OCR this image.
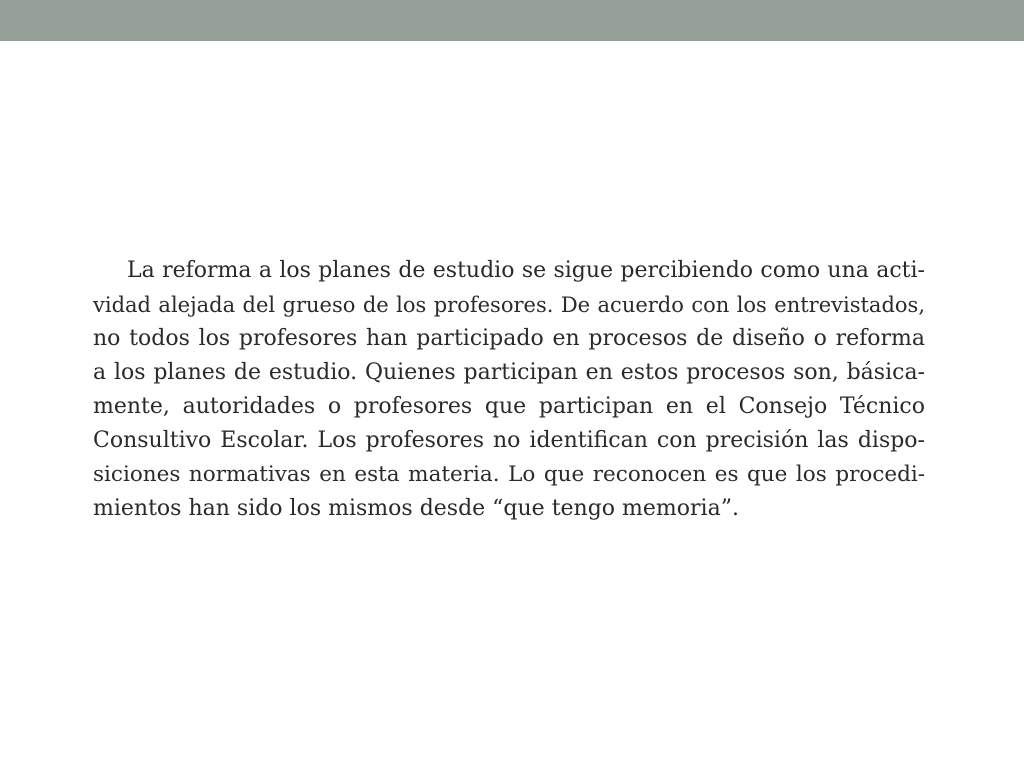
La reforma a los planes de estudio se sigue percibiendo como una acti-
vidad alejada del grueso de los profesores. De acuerdo con los entrevistados,
no todos los profesores han participado en procesos de diseño o reforma
a los planes de estudio. Quienes participan en estos procesos son, básica-
mente, autoridades o profesores que participan en el Consejo Técnico
Consultivo Escolar. Los profesores no identifican con precisión las dispo-
siciones normativas en esta materia. Lo que reconocen es que los procedi-
mientos han sido los mismos desde “que tengo memoria”.
